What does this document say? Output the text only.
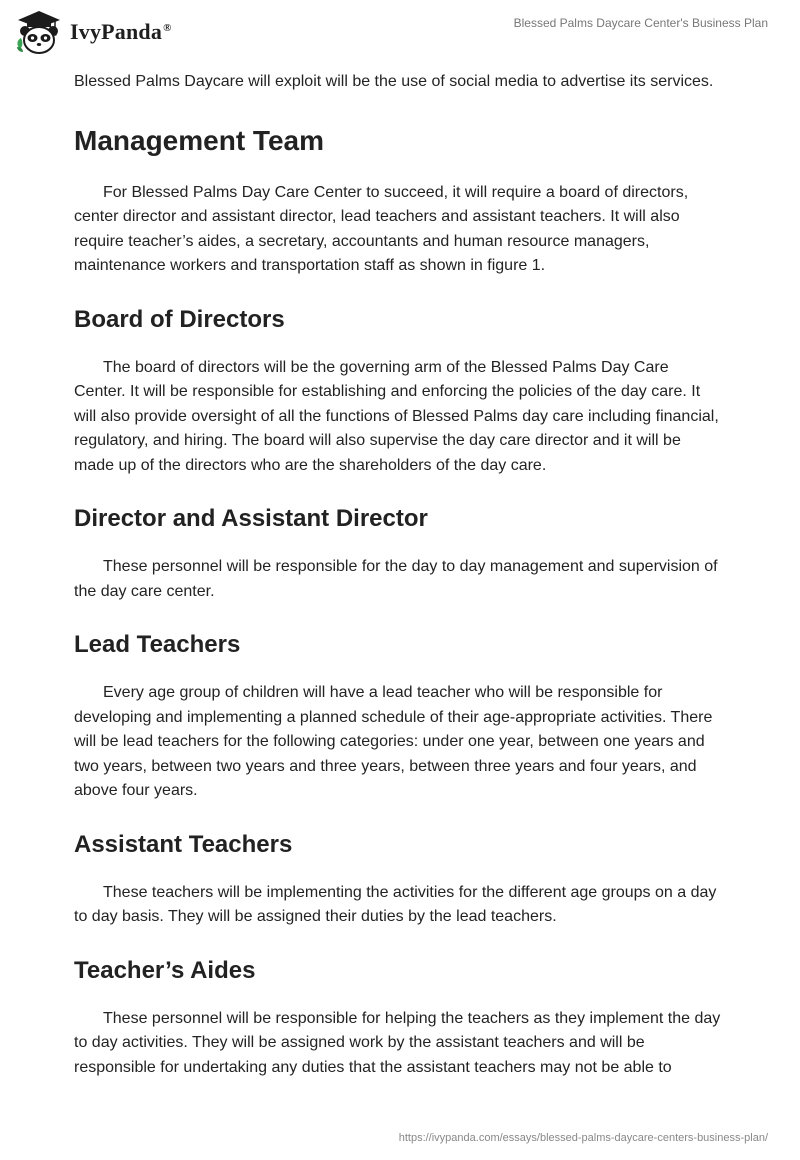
IvyPanda®	Blessed Palms Daycare Center's Business Plan

Blessed Palms Daycare will exploit will be the use of social media to advertise its services.

Management Team

For Blessed Palms Day Care Center to succeed, it will require a board of directors, center director and assistant director, lead teachers and assistant teachers. It will also require teacher’s aides, a secretary, accountants and human resource managers, maintenance workers and transportation staff as shown in figure 1.

Board of Directors

The board of directors will be the governing arm of the Blessed Palms Day Care Center. It will be responsible for establishing and enforcing the policies of the day care. It will also provide oversight of all the functions of Blessed Palms day care including financial, regulatory, and hiring. The board will also supervise the day care director and it will be made up of the directors who are the shareholders of the day care.

Director and Assistant Director

These personnel will be responsible for the day to day management and supervision of the day care center.

Lead Teachers

Every age group of children will have a lead teacher who will be responsible for developing and implementing a planned schedule of their age-appropriate activities. There will be lead teachers for the following categories: under one year, between one years and two years, between two years and three years, between three years and four years, and above four years.

Assistant Teachers

These teachers will be implementing the activities for the different age groups on a day to day basis. They will be assigned their duties by the lead teachers.

Teacher’s Aides

These personnel will be responsible for helping the teachers as they implement the day to day activities. They will be assigned work by the assistant teachers and will be responsible for undertaking any duties that the assistant teachers may not be able to

https://ivypanda.com/essays/blessed-palms-daycare-centers-business-plan/
